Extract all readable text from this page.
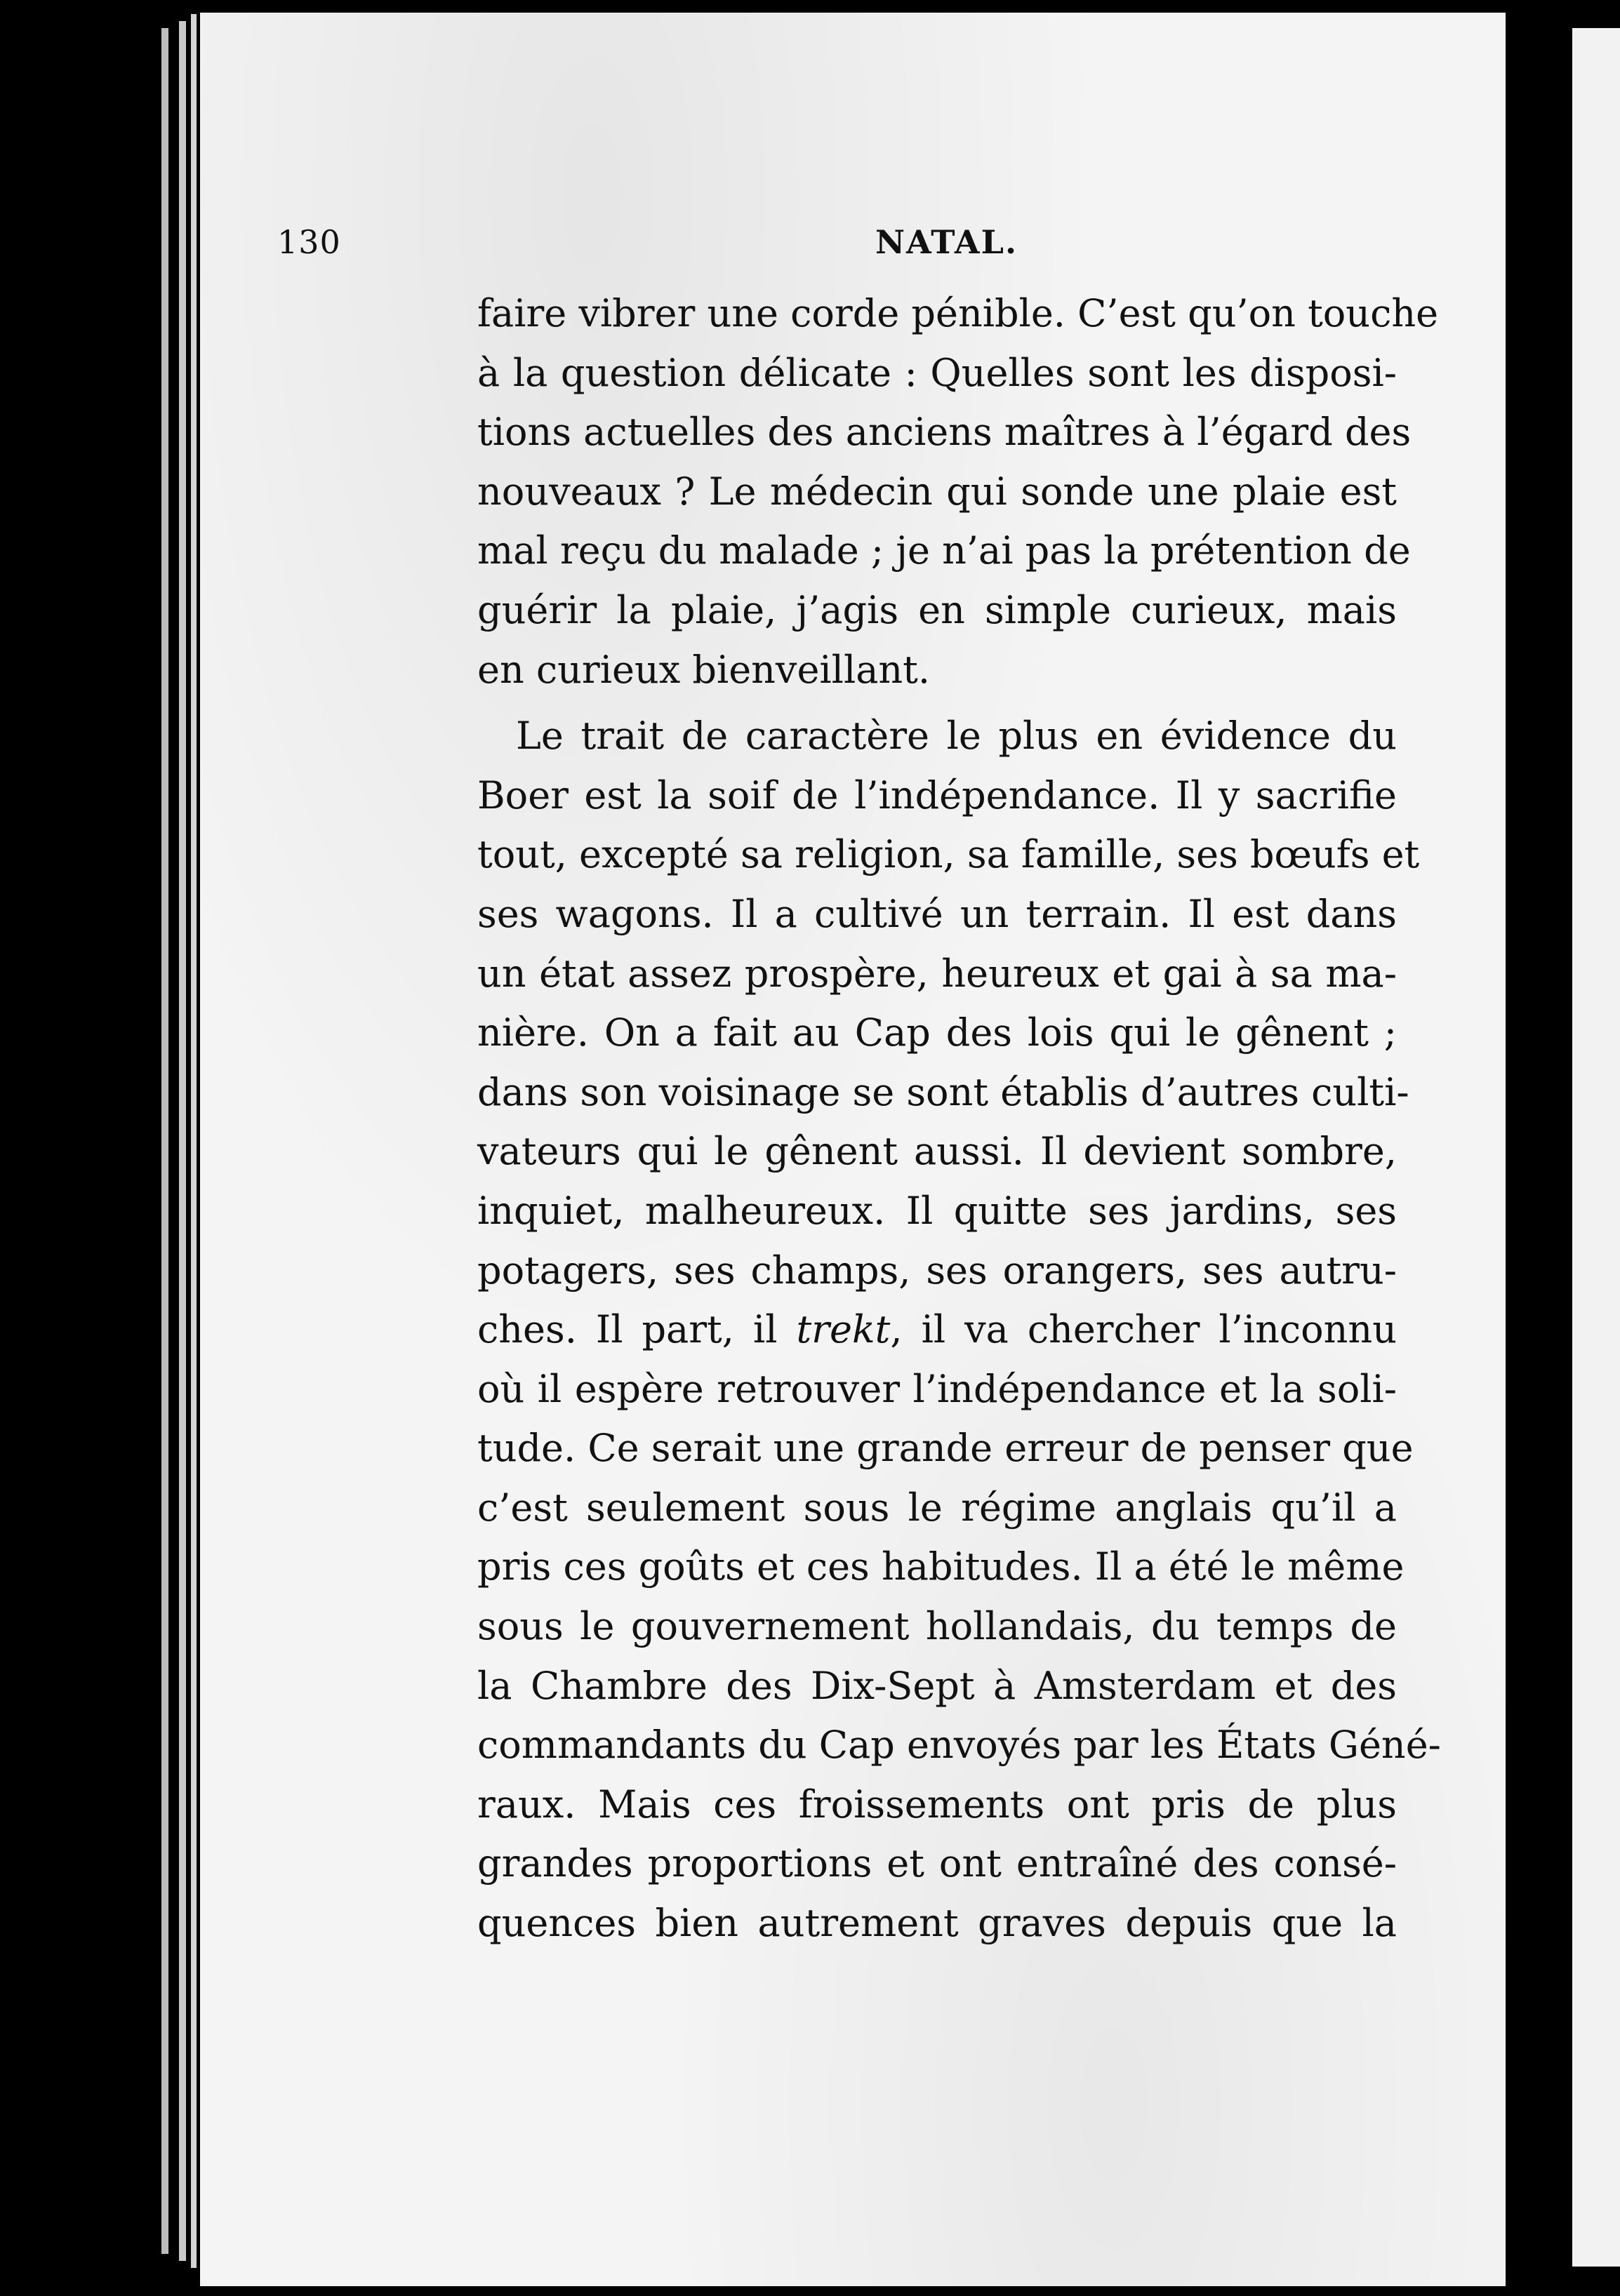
130	NATAL.
faire vibrer une corde pénible. C’est qu’on touche
à la question délicate : Quelles sont les disposi-
tions actuelles des anciens maîtres à l’égard des
nouveaux ? Le médecin qui sonde une plaie est
mal reçu du malade ; je n’ai pas la prétention de
guérir la plaie, j’agis en simple curieux, mais
en curieux bienveillant.
Le trait de caractère le plus en évidence du
Boer est la soif de l’indépendance. Il y sacrifie
tout, excepté sa religion, sa famille, ses bœufs et
ses wagons. Il a cultivé un terrain. Il est dans
un état assez prospère, heureux et gai à sa ma-
nière. On a fait au Cap des lois qui le gênent ;
dans son voisinage se sont établis d’autres culti-
vateurs qui le gênent aussi. Il devient sombre,
inquiet, malheureux. Il quitte ses jardins, ses
potagers, ses champs, ses orangers, ses autru-
ches. Il part, il trekt, il va chercher l’inconnu
où il espère retrouver l’indépendance et la soli-
tude. Ce serait une grande erreur de penser que
c’est seulement sous le régime anglais qu’il a
pris ces goûts et ces habitudes. Il a été le même
sous le gouvernement hollandais, du temps de
la Chambre des Dix-Sept à Amsterdam et des
commandants du Cap envoyés par les États Géné-
raux. Mais ces froissements ont pris de plus
grandes proportions et ont entraîné des consé-
quences bien autrement graves depuis que la
